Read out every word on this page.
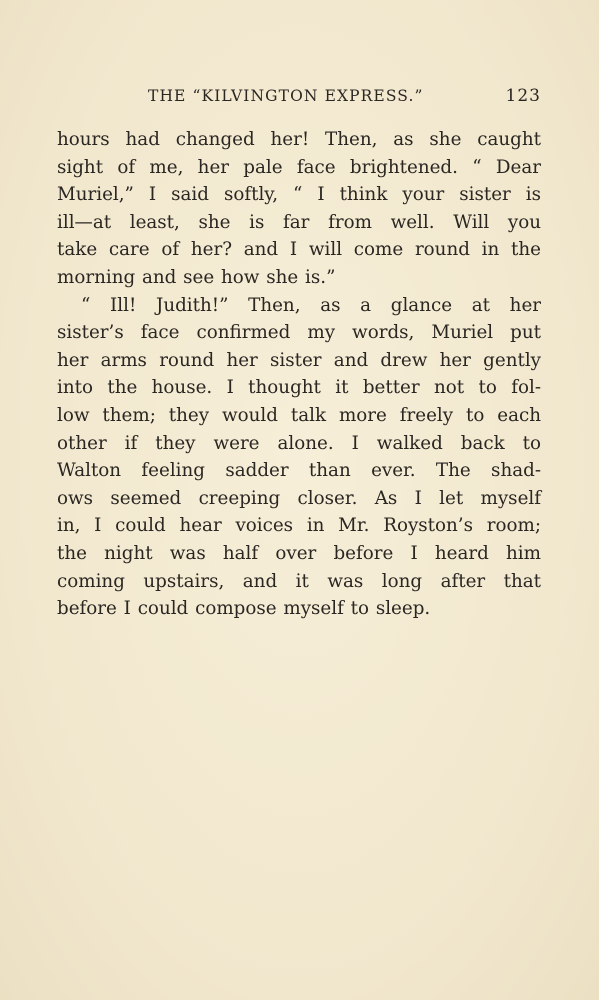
THE “KILVINGTON EXPRESS.”	123
hours had changed her! Then, as she caught
sight of me, her pale face brightened. “ Dear
Muriel,” I said softly, “ I think your sister is
ill—at least, she is far from well. Will you
take care of her? and I will come round in the
morning and see how she is.”
“ Ill! Judith!” Then, as a glance at her
sister’s face confirmed my words, Muriel put
her arms round her sister and drew her gently
into the house. I thought it better not to fol-
low them; they would talk more freely to each
other if they were alone. I walked back to
Walton feeling sadder than ever. The shad-
ows seemed creeping closer. As I let myself
in, I could hear voices in Mr. Royston’s room;
the night was half over before I heard him
coming upstairs, and it was long after that
before I could compose myself to sleep.
